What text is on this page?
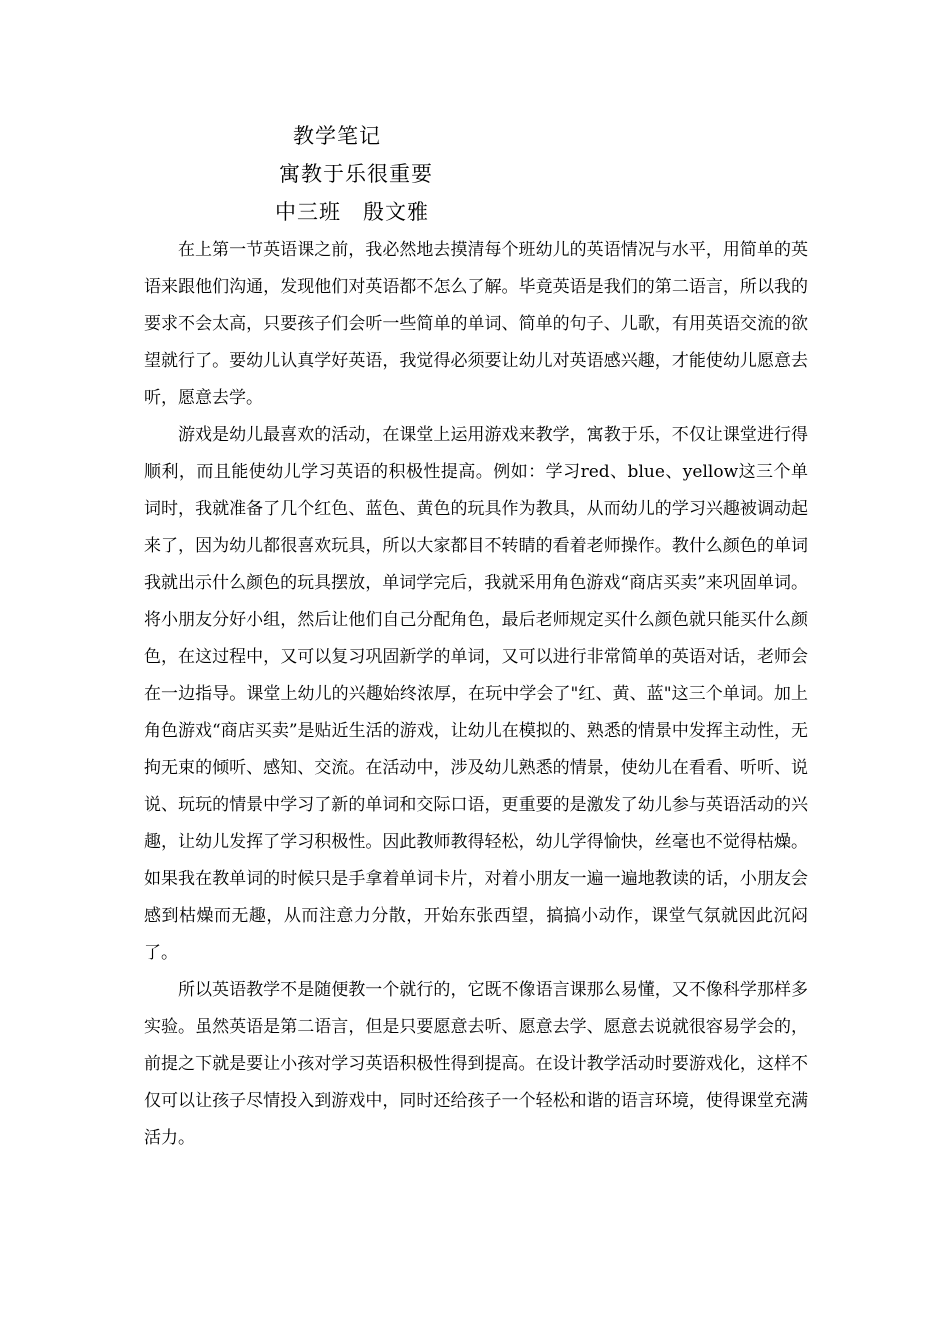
教学笔记
寓教于乐很重要
中三班　殷文雅

在上第一节英语课之前，我必然地去摸清每个班幼儿的英语情况与水平，用简单的英语来跟他们沟通，发现他们对英语都不怎么了解。毕竟英语是我们的第二语言，所以我的要求不会太高，只要孩子们会听一些简单的单词、简单的句子、儿歌，有用英语交流的欲望就行了。要幼儿认真学好英语，我觉得必须要让幼儿对英语感兴趣，才能使幼儿愿意去听，愿意去学。

游戏是幼儿最喜欢的活动，在课堂上运用游戏来教学，寓教于乐，不仅让课堂进行得顺利，而且能使幼儿学习英语的积极性提高。例如：学习red、blue、yellow这三个单词时，我就准备了几个红色、蓝色、黄色的玩具作为教具，从而幼儿的学习兴趣被调动起来了，因为幼儿都很喜欢玩具，所以大家都目不转睛的看着老师操作。教什么颜色的单词我就出示什么颜色的玩具摆放，单词学完后，我就采用角色游戏“商店买卖”来巩固单词。将小朋友分好小组，然后让他们自己分配角色，最后老师规定买什么颜色就只能买什么颜色，在这过程中，又可以复习巩固新学的单词，又可以进行非常简单的英语对话，老师会在一边指导。课堂上幼儿的兴趣始终浓厚，在玩中学会了"红、黄、蓝"这三个单词。加上角色游戏“商店买卖”是贴近生活的游戏，让幼儿在模拟的、熟悉的情景中发挥主动性，无拘无束的倾听、感知、交流。在活动中，涉及幼儿熟悉的情景，使幼儿在看看、听听、说说、玩玩的情景中学习了新的单词和交际口语，更重要的是激发了幼儿参与英语活动的兴趣，让幼儿发挥了学习积极性。因此教师教得轻松，幼儿学得愉快，丝毫也不觉得枯燥。如果我在教单词的时候只是手拿着单词卡片，对着小朋友一遍一遍地教读的话，小朋友会感到枯燥而无趣，从而注意力分散，开始东张西望，搞搞小动作，课堂气氛就因此沉闷了。

所以英语教学不是随便教一个就行的，它既不像语言课那么易懂，又不像科学那样多实验。虽然英语是第二语言，但是只要愿意去听、愿意去学、愿意去说就很容易学会的，前提之下就是要让小孩对学习英语积极性得到提高。在设计教学活动时要游戏化，这样不仅可以让孩子尽情投入到游戏中，同时还给孩子一个轻松和谐的语言环境，使得课堂充满活力。
